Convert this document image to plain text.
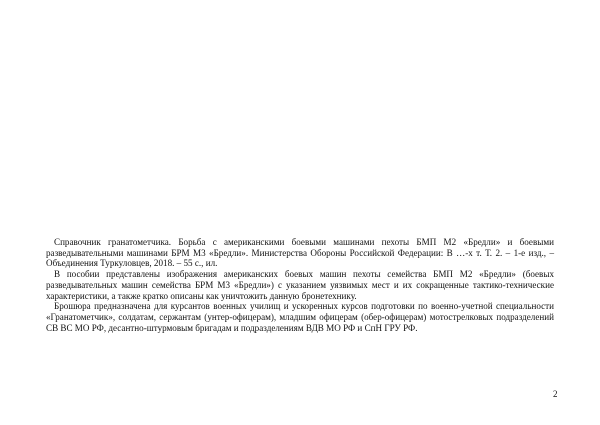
Справочник гранатометчика. Борьба с американскими боевыми машинами пехоты БМП М2 «Бредли» и боевыми разведывательными машинами БРМ М3 «Бредли». Министерства Обороны Российской Федерации: В …-х т. Т. 2. – 1-е изд., – Объединения Туркуловцев, 2018. – 55 с., ил.

В пособии представлены изображения американских боевых машин пехоты семейства БМП М2 «Бредли» (боевых разведывательных машин семейства БРМ М3 «Бредли») с указанием уязвимых мест и их сокращенные тактико-технические характеристики, а также кратко описаны как уничтожить данную бронетехнику.

Брошюра предназначена для курсантов военных училищ и ускоренных курсов подготовки по военно-учетной специальности «Гранатометчик», солдатам, сержантам (унтер-офицерам), младшим офицерам (обер-офицерам) мотострелковых подразделений СВ ВС МО РФ, десантно-штурмовым бригадам и подразделениям ВДВ МО РФ и СпН ГРУ РФ.

2
